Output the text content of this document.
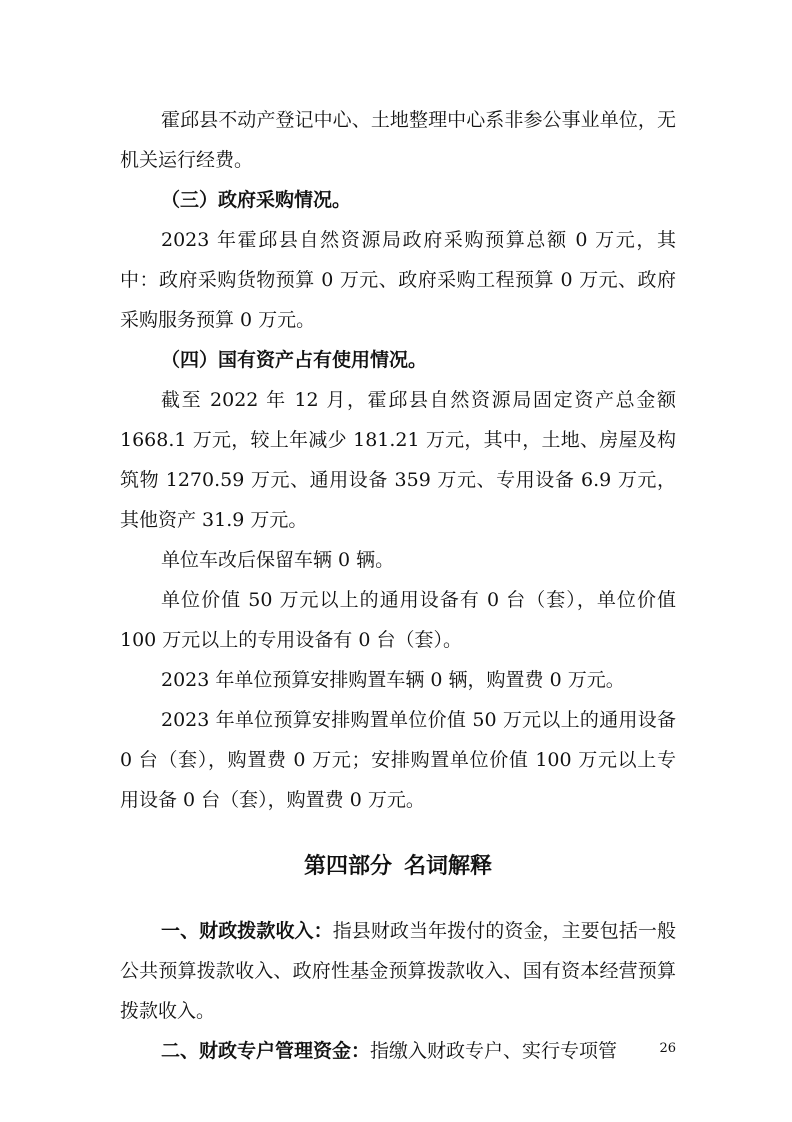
霍邱县不动产登记中心、土地整理中心系非参公事业单位，无机关运行经费。

（三）政府采购情况。

2023 年霍邱县自然资源局政府采购预算总额 0 万元，其中：政府采购货物预算 0 万元、政府采购工程预算 0 万元、政府采购服务预算 0 万元。

（四）国有资产占有使用情况。

截至 2022 年 12 月，霍邱县自然资源局固定资产总金额 1668.1 万元，较上年减少 181.21 万元，其中，土地、房屋及构筑物 1270.59 万元、通用设备 359 万元、专用设备 6.9 万元，其他资产 31.9 万元。

单位车改后保留车辆 0 辆。

单位价值 50 万元以上的通用设备有 0 台（套），单位价值 100 万元以上的专用设备有 0 台（套）。

2023 年单位预算安排购置车辆 0 辆，购置费 0 万元。

2023 年单位预算安排购置单位价值 50 万元以上的通用设备 0 台（套），购置费 0 万元；安排购置单位价值 100 万元以上专用设备 0 台（套），购置费 0 万元。

第四部分 名词解释

一、财政拨款收入：指县财政当年拨付的资金，主要包括一般公共预算拨款收入、政府性基金预算拨款收入、国有资本经营预算拨款收入。

二、财政专户管理资金：指缴入财政专户、实行专项管	26
